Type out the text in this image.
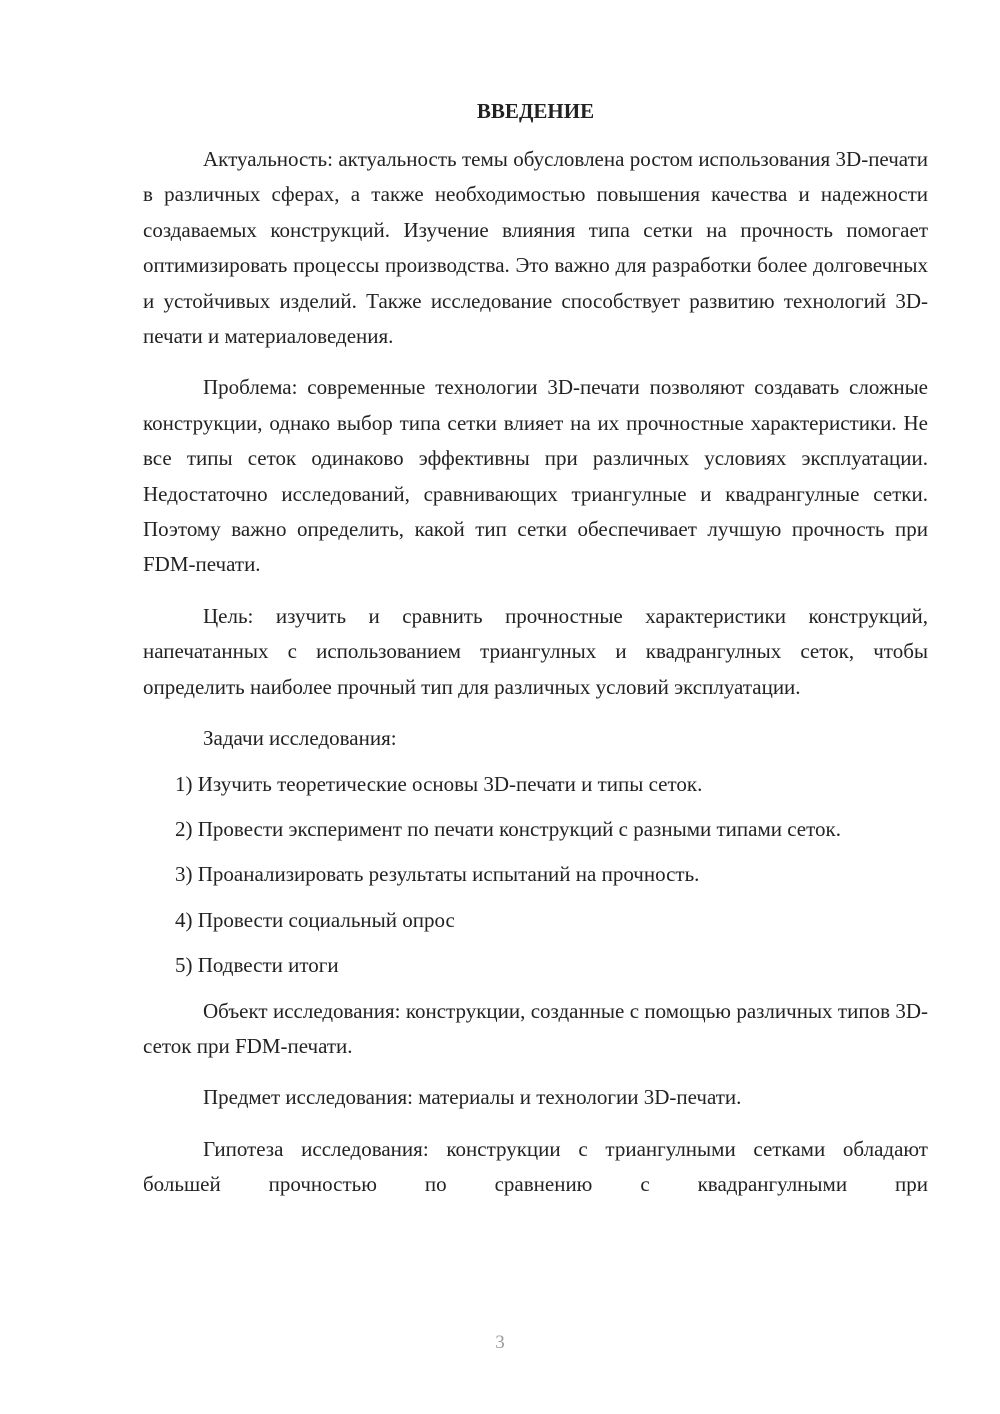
ВВЕДЕНИЕ

Актуальность: актуальность темы обусловлена ростом использования 3D-печати в различных сферах, а также необходимостью повышения качества и надежности создаваемых конструкций. Изучение влияния типа сетки на прочность помогает оптимизировать процессы производства. Это важно для разработки более долговечных и устойчивых изделий. Также исследование способствует развитию технологий 3D-печати и материаловедения.

Проблема: современные технологии 3D-печати позволяют создавать сложные конструкции, однако выбор типа сетки влияет на их прочностные характеристики. Не все типы сеток одинаково эффективны при различных условиях эксплуатации. Недостаточно исследований, сравнивающих триангулные и квадрангулные сетки. Поэтому важно определить, какой тип сетки обеспечивает лучшую прочность при FDM-печати.

Цель: изучить и сравнить прочностные характеристики конструкций, напечатанных с использованием триангулных и квадрангулных сеток, чтобы определить наиболее прочный тип для различных условий эксплуатации.

Задачи исследования:

1) Изучить теоретические основы 3D-печати и типы сеток.

2) Провести эксперимент по печати конструкций с разными типами сеток.

3) Проанализировать результаты испытаний на прочность.

4) Провести социальный опрос

5) Подвести итоги

Объект исследования: конструкции, созданные с помощью различных типов 3D-сеток при FDM-печати.

Предмет исследования: материалы и технологии 3D-печати.

Гипотеза исследования: конструкции с триангулными сетками обладают большей прочностью по сравнению с квадрангулными при

3
